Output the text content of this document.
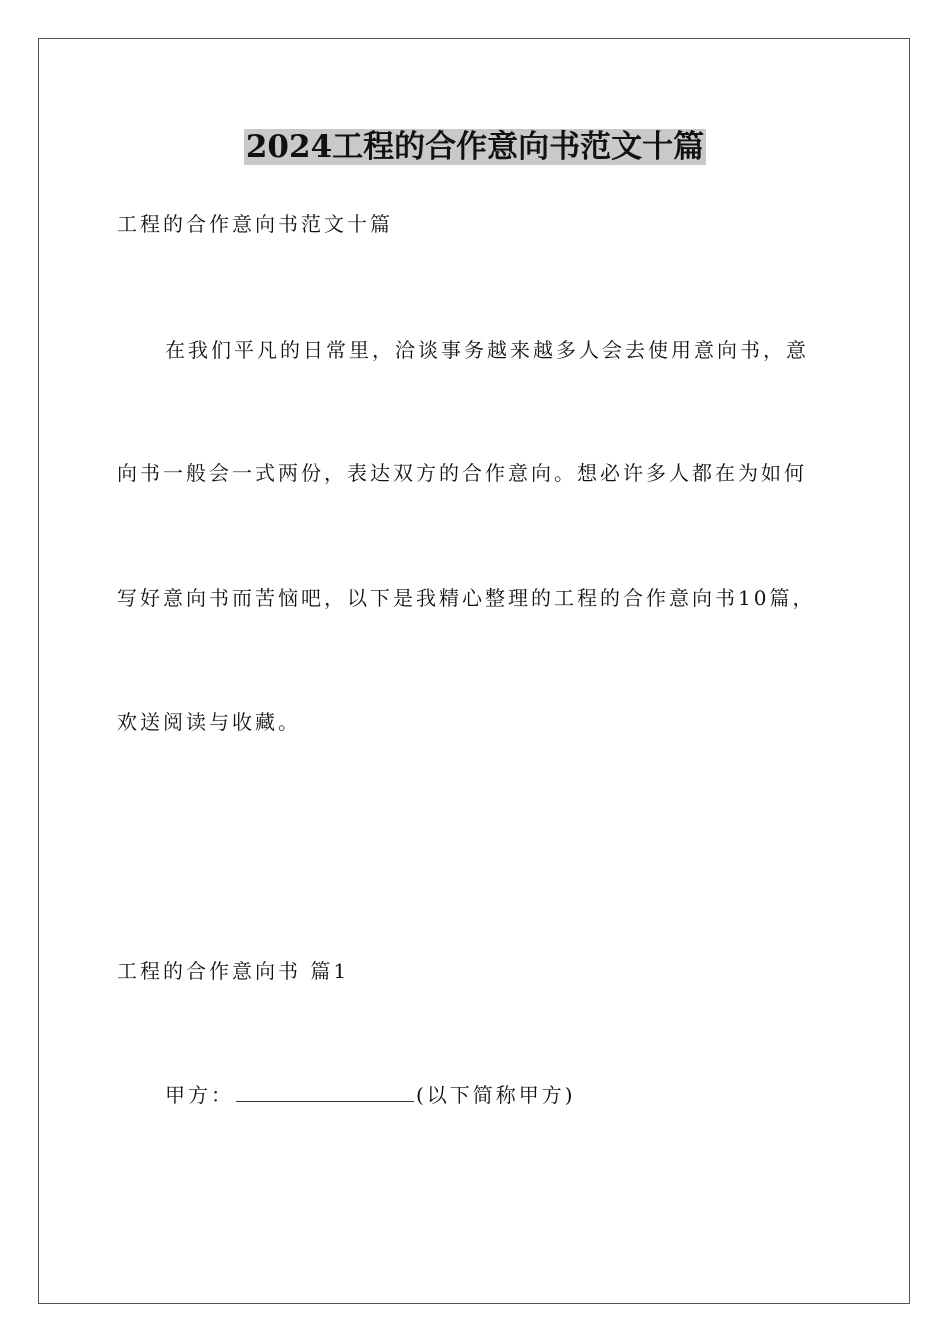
2024工程的合作意向书范文十篇
工程的合作意向书范文十篇
在我们平凡的日常里，洽谈事务越来越多人会去使用意向书，意
向书一般会一式两份，表达双方的合作意向。想必许多人都在为如何
写好意向书而苦恼吧，以下是我精心整理的工程的合作意向书10篇，
欢送阅读与收藏。
工程的合作意向书 篇1
甲方：	(以下简称甲方)
